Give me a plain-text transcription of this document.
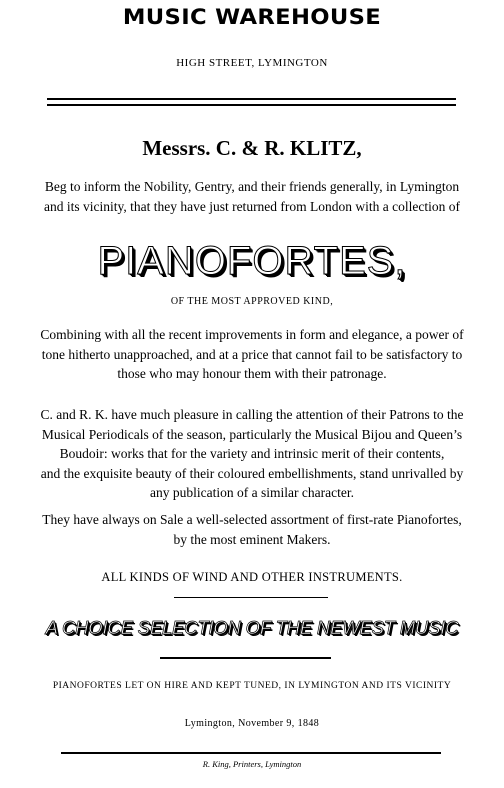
MUSIC WAREHOUSE
HIGH STREET, LYMINGTON
Messrs. C. & R. KLITZ,
Beg to inform the Nobility, Gentry, and their friends generally, in Lymington
and its vicinity, that they have just returned from London with a collection of
PIANOFORTES,
OF THE MOST APPROVED KIND,
Combining with all the recent improvements in form and elegance, a power of
tone hitherto unapproached, and at a price that cannot fail to be satisfactory to
those who may honour them with their patronage.
C. and R. K. have much pleasure in calling the attention of their Patrons to the
Musical Periodicals of the season, particularly the Musical Bijou and Queen’s
Boudoir: works that for the variety and intrinsic merit of their contents,
and the exquisite beauty of their coloured embellishments, stand unrivalled by
any publication of a similar character.
They have always on Sale a well-selected assortment of first-rate Pianofortes,
by the most eminent Makers.
ALL KINDS OF WIND AND OTHER INSTRUMENTS.
A CHOICE SELECTION OF THE NEWEST MUSIC
PIANOFORTES LET ON HIRE AND KEPT TUNED, IN LYMINGTON AND ITS VICINITY
Lymington, November 9, 1848
R. King, Printers, Lymington
